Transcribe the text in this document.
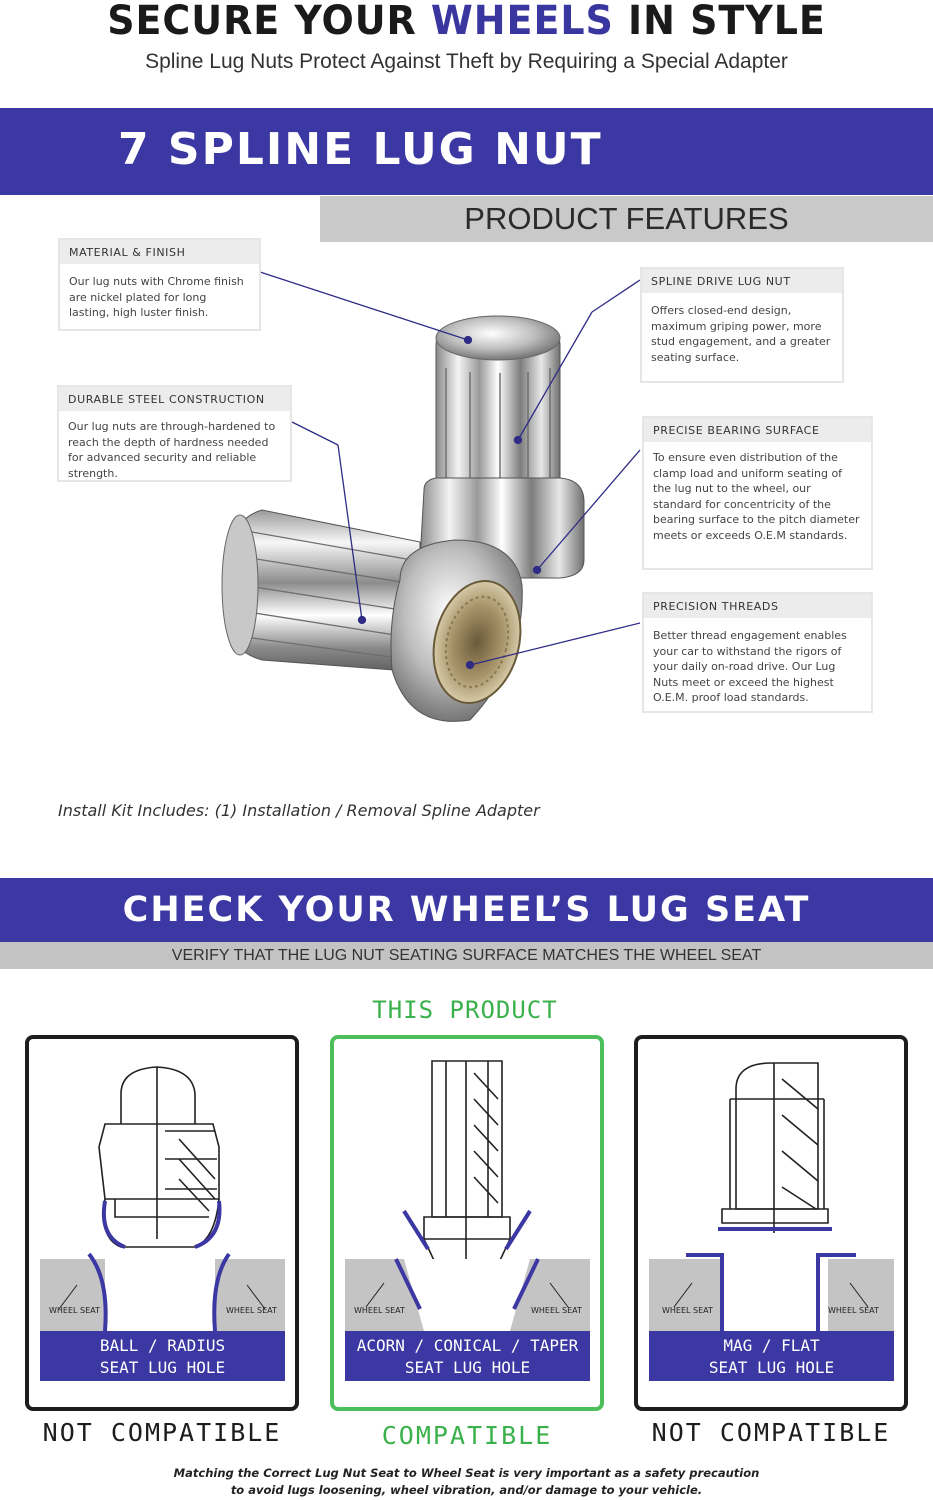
SECURE YOUR WHEELS IN STYLE
Spline Lug Nuts Protect Against Theft by Requiring a Special Adapter
7 SPLINE LUG NUT
PRODUCT FEATURES
MATERIAL & FINISH
Our lug nuts with Chrome finish are nickel plated for long lasting, high luster finish.
DURABLE STEEL CONSTRUCTION
Our lug nuts are through-hardened to reach the depth of hardness needed for advanced security and reliable strength.
SPLINE DRIVE LUG NUT
Offers closed-end design, maximum griping power, more stud engagement, and a greater seating surface.
PRECISE BEARING SURFACE
To ensure even distribution of the clamp load and uniform seating of the lug nut to the wheel, our standard for concentricity of the bearing surface to the pitch diameter meets or exceeds O.E.M standards.
PRECISION THREADS
Better thread engagement enables your car to withstand the rigors of your daily on-road drive. Our Lug Nuts meet or exceed the highest O.E.M. proof load standards.
Install Kit Includes: (1) Installation / Removal Spline Adapter
CHECK YOUR WHEEL’S LUG SEAT
VERIFY THAT THE LUG NUT SEATING SURFACE MATCHES THE WHEEL SEAT
THIS PRODUCT
WHEEL SEAT	WHEEL SEAT
BALL / RADIUS
SEAT LUG HOLE
NOT COMPATIBLE
WHEEL SEAT	WHEEL SEAT
ACORN / CONICAL / TAPER
SEAT LUG HOLE
COMPATIBLE
WHEEL SEAT	WHEEL SEAT
MAG / FLAT
SEAT LUG HOLE
NOT COMPATIBLE
Matching the Correct Lug Nut Seat to Wheel Seat is very important as a safety precaution
to avoid lugs loosening, wheel vibration, and/or damage to your vehicle.
